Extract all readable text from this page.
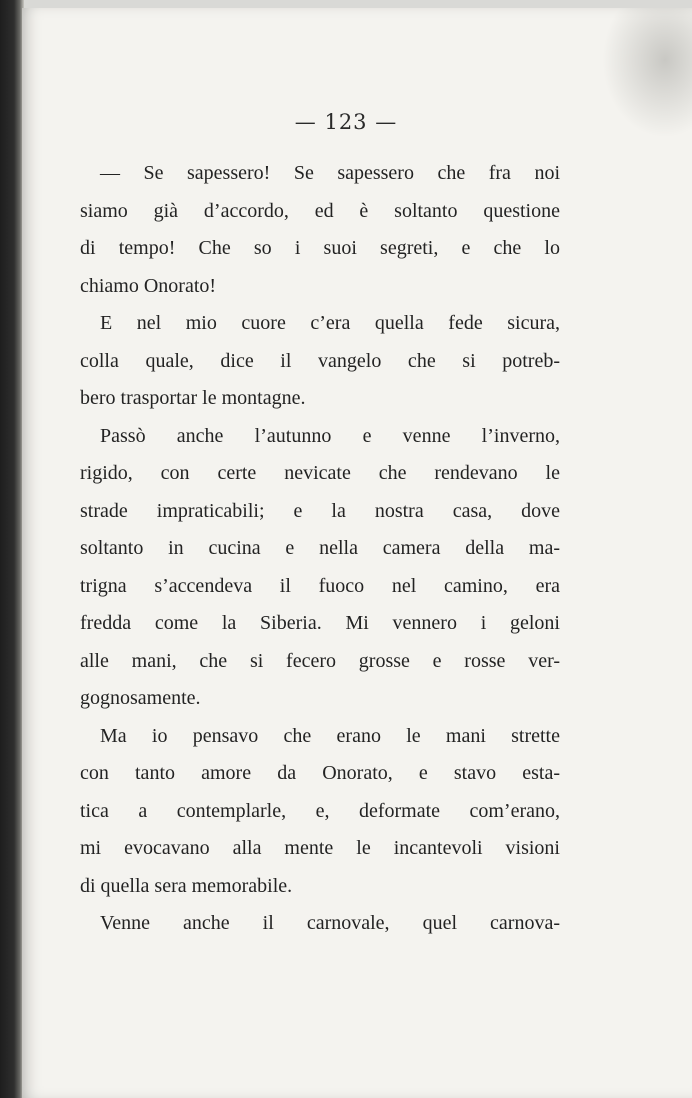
— 123 —
— Se sapessero! Se sapessero che fra noi
siamo già d’accordo, ed è soltanto questione
di tempo! Che so i suoi segreti, e che lo
chiamo Onorato!
E nel mio cuore c’era quella fede sicura,
colla quale, dice il vangelo che si potreb-
bero trasportar le montagne.
Passò anche l’autunno e venne l’inverno,
rigido, con certe nevicate che rendevano le
strade impraticabili; e la nostra casa, dove
soltanto in cucina e nella camera della ma-
trigna s’accendeva il fuoco nel camino, era
fredda come la Siberia. Mi vennero i geloni
alle mani, che si fecero grosse e rosse ver-
gognosamente.
Ma io pensavo che erano le mani strette
con tanto amore da Onorato, e stavo esta-
tica a contemplarle, e, deformate com’erano,
mi evocavano alla mente le incantevoli visioni
di quella sera memorabile.
Venne anche il carnovale, quel carnova-
